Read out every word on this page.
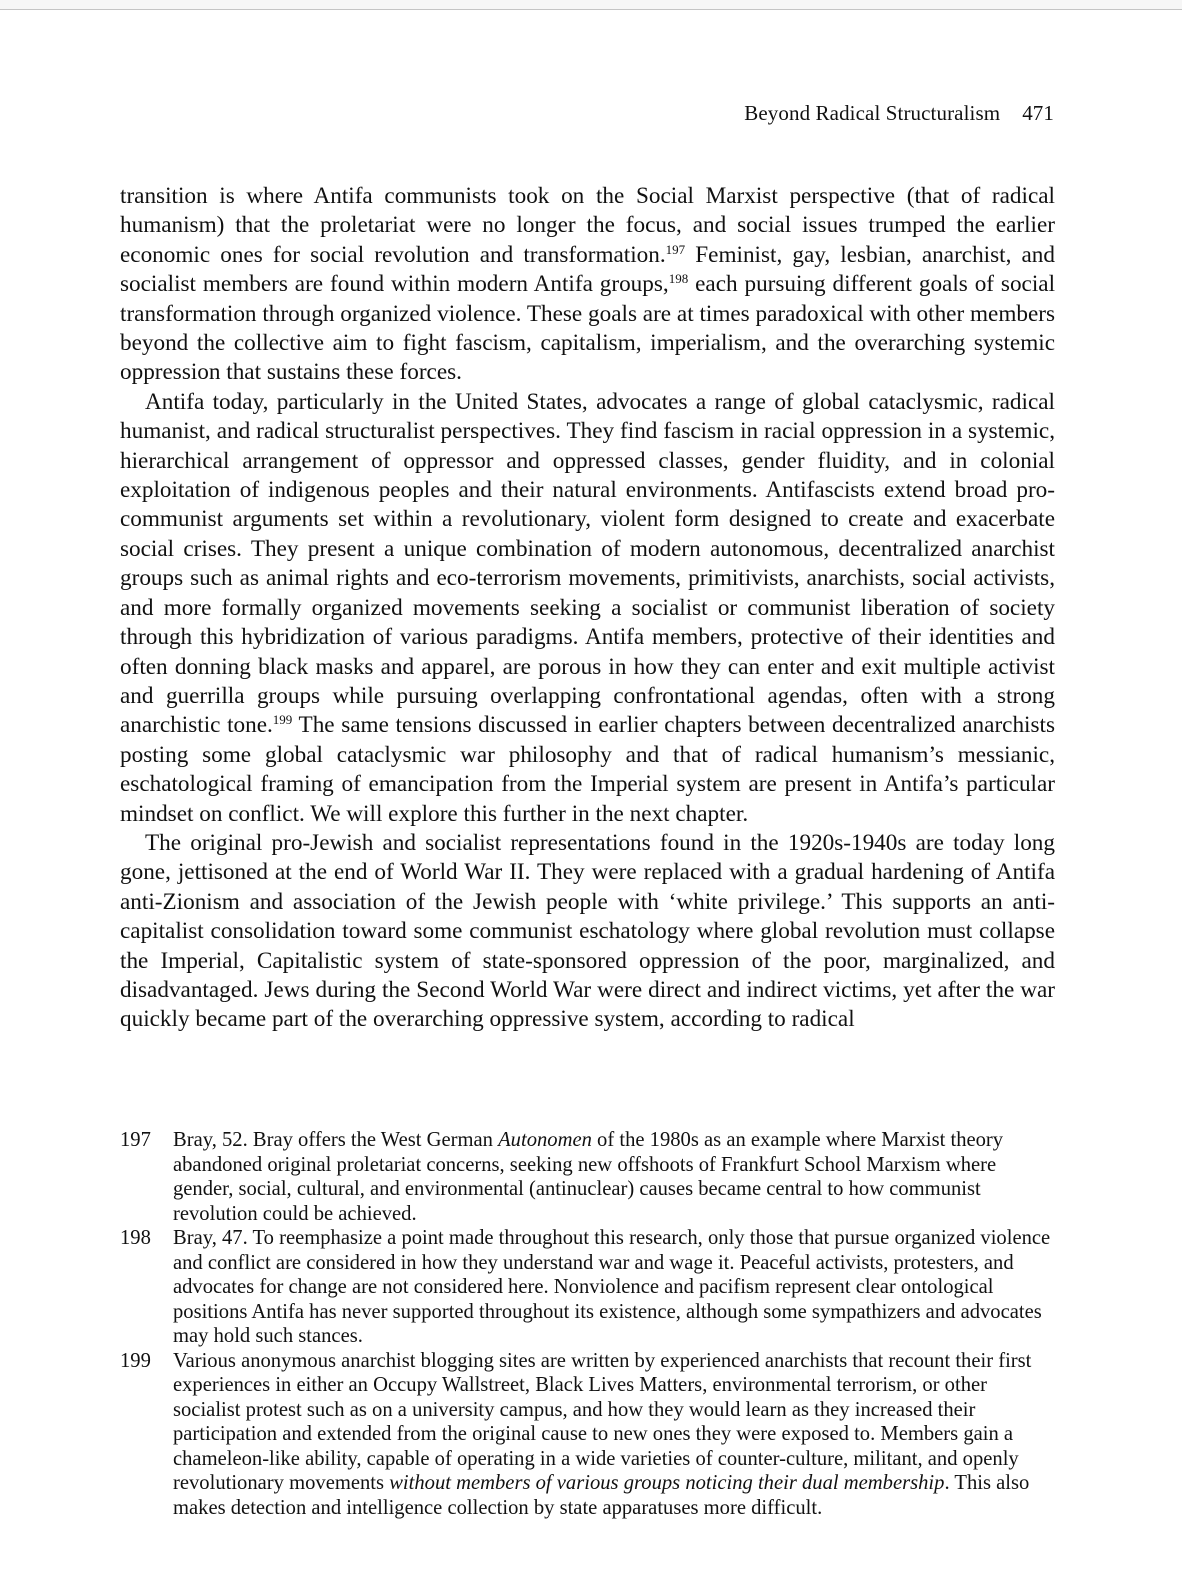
Beyond Radical Structuralism 471

transition is where Antifa communists took on the Social Marxist perspective (that of radical humanism) that the proletariat were no longer the focus, and social issues trumped the earlier economic ones for social revolution and transformation.$^{197}$ Feminist, gay, lesbian, anarchist, and socialist members are found within modern Antifa groups,$^{198}$ each pursuing different goals of social transformation through organized violence. These goals are at times paradoxical with other members beyond the collective aim to fight fascism, capitalism, imperialism, and the overarching systemic oppression that sustains these forces.

Antifa today, particularly in the United States, advocates a range of global cataclysmic, radical humanist, and radical structuralist perspectives. They find fascism in racial oppression in a systemic, hierarchical arrangement of oppressor and oppressed classes, gender fluidity, and in colonial exploitation of indigenous peoples and their natural environments. Antifascists extend broad pro-communist arguments set within a revolutionary, violent form designed to create and exacerbate social crises. They present a unique combination of modern autonomous, decentralized anarchist groups such as animal rights and eco-terrorism movements, primitivists, anarchists, social activists, and more formally organized movements seeking a socialist or communist liberation of society through this hybridization of various paradigms. Antifa members, protective of their identities and often donning black masks and apparel, are porous in how they can enter and exit multiple activist and guerrilla groups while pursuing overlapping confrontational agendas, often with a strong anarchistic tone.$^{199}$ The same tensions discussed in earlier chapters between decentralized anarchists posting some global cataclysmic war philosophy and that of radical humanism’s messianic, eschatological framing of emancipation from the Imperial system are present in Antifa’s particular mindset on conflict. We will explore this further in the next chapter.

The original pro-Jewish and socialist representations found in the 1920s-1940s are today long gone, jettisoned at the end of World War II. They were replaced with a gradual hardening of Antifa anti-Zionism and association of the Jewish people with ‘white privilege.’ This supports an anti-capitalist consolidation toward some communist eschatology where global revolution must collapse the Imperial, Capitalistic system of state-sponsored oppression of the poor, marginalized, and disadvantaged. Jews during the Second World War were direct and indirect victims, yet after the war quickly became part of the overarching oppressive system, according to radical

197	Bray, 52. Bray offers the West German Autonomen of the 1980s as an example where Marxist theory abandoned original proletariat concerns, seeking new offshoots of Frankfurt School Marxism where gender, social, cultural, and environmental (antinuclear) causes became central to how communist revolution could be achieved.
198	Bray, 47. To reemphasize a point made throughout this research, only those that pursue organized violence and conflict are considered in how they understand war and wage it. Peaceful activists, protesters, and advocates for change are not considered here. Nonviolence and pacifism represent clear ontological positions Antifa has never supported throughout its existence, although some sympathizers and advocates may hold such stances.
199	Various anonymous anarchist blogging sites are written by experienced anarchists that recount their first experiences in either an Occupy Wallstreet, Black Lives Matters, environmental terrorism, or other socialist protest such as on a university campus, and how they would learn as they increased their participation and extended from the original cause to new ones they were exposed to. Members gain a chameleon-like ability, capable of operating in a wide varieties of counter-culture, militant, and openly revolutionary movements without members of various groups noticing their dual membership. This also makes detection and intelligence collection by state apparatuses more difficult.
